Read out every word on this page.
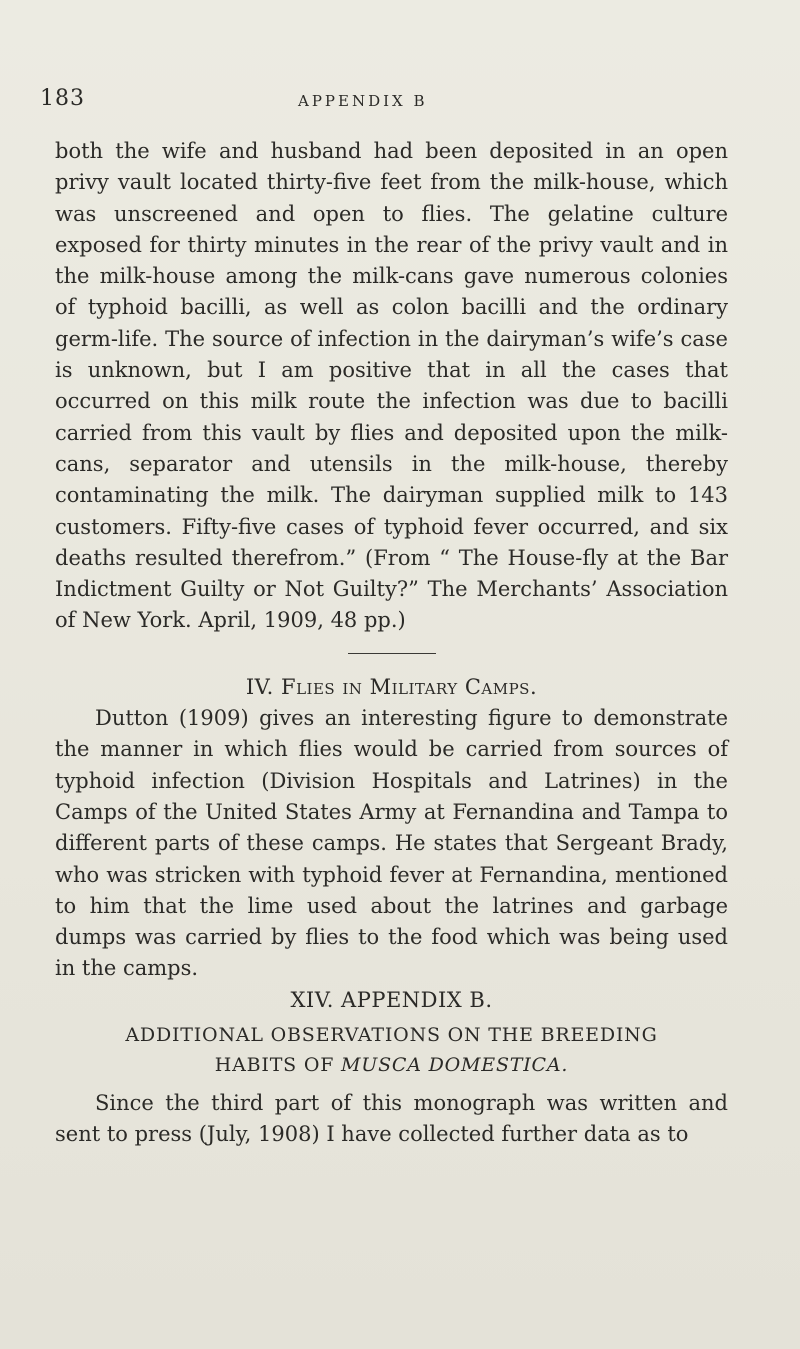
183	APPENDIX B

both the wife and husband had been deposited in an open privy vault located thirty-five feet from the milk-house, which was unscreened and open to flies. The gelatine culture exposed for thirty minutes in the rear of the privy vault and in the milk-house among the milk-cans gave numerous colonies of typhoid bacilli, as well as colon bacilli and the ordinary germ-life. The source of infection in the dairyman’s wife’s case is unknown, but I am positive that in all the cases that occurred on this milk route the infection was due to bacilli carried from this vault by flies and deposited upon the milk-cans, separator and utensils in the milk-house, thereby contaminating the milk. The dairyman supplied milk to 143 customers. Fifty-five cases of typhoid fever occurred, and six deaths resulted therefrom.” (From “ The House-fly at the Bar Indictment Guilty or Not Guilty?” The Merchants’ Association of New York. April, 1909, 48 pp.)

IV. Flies in Military Camps.

Dutton (1909) gives an interesting figure to demonstrate the manner in which flies would be carried from sources of typhoid infection (Division Hospitals and Latrines) in the Camps of the United States Army at Fernandina and Tampa to different parts of these camps. He states that Sergeant Brady, who was stricken with typhoid fever at Fernandina, mentioned to him that the lime used about the latrines and garbage dumps was carried by flies to the food which was being used in the camps.

XIV. APPENDIX B.

ADDITIONAL OBSERVATIONS ON THE BREEDING
HABITS OF MUSCA DOMESTICA.

Since the third part of this monograph was written and sent to press (July, 1908) I have collected further data as to
